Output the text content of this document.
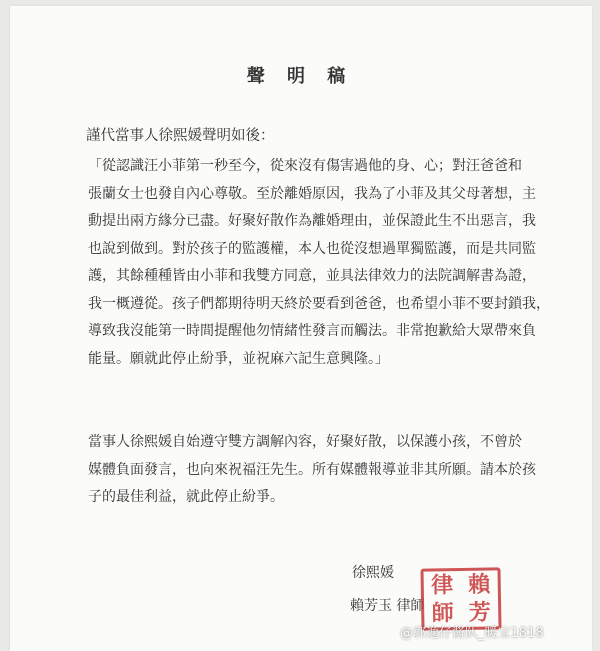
聲 明 稿
謹代當事人徐熙媛聲明如後：
「從認識汪小菲第一秒至今，從來沒有傷害過他的身、心；對汪爸爸和
張蘭女士也發自內心尊敬。至於離婚原因，我為了小菲及其父母著想，主
動提出兩方緣分已盡。好聚好散作為離婚理由，並保證此生不出惡言，我
也說到做到。對於孩子的監護權，本人也從沒想過單獨監護，而是共同監
護，其餘種種皆由小菲和我雙方同意，並具法律效力的法院調解書為證，
我一概遵從。孩子們都期待明天終於要看到爸爸，也希望小菲不要封鎖我，
導致我沒能第一時間提醒他勿情緒性發言而觸法。非常抱歉給大眾帶來負
能量。願就此停止紛爭，並祝麻六記生意興隆。」
當事人徐熙媛自始遵守雙方調解內容，好聚好散，以保護小孩，不曾於
媒體負面發言，也向來祝福汪先生。所有媒體報導並非其所願。請本於孩
子的最佳利益，就此停止紛爭。
徐熙媛
賴芳玉 律師
律 賴
師 芳
@郭逸仔酱队_暖宝1818
